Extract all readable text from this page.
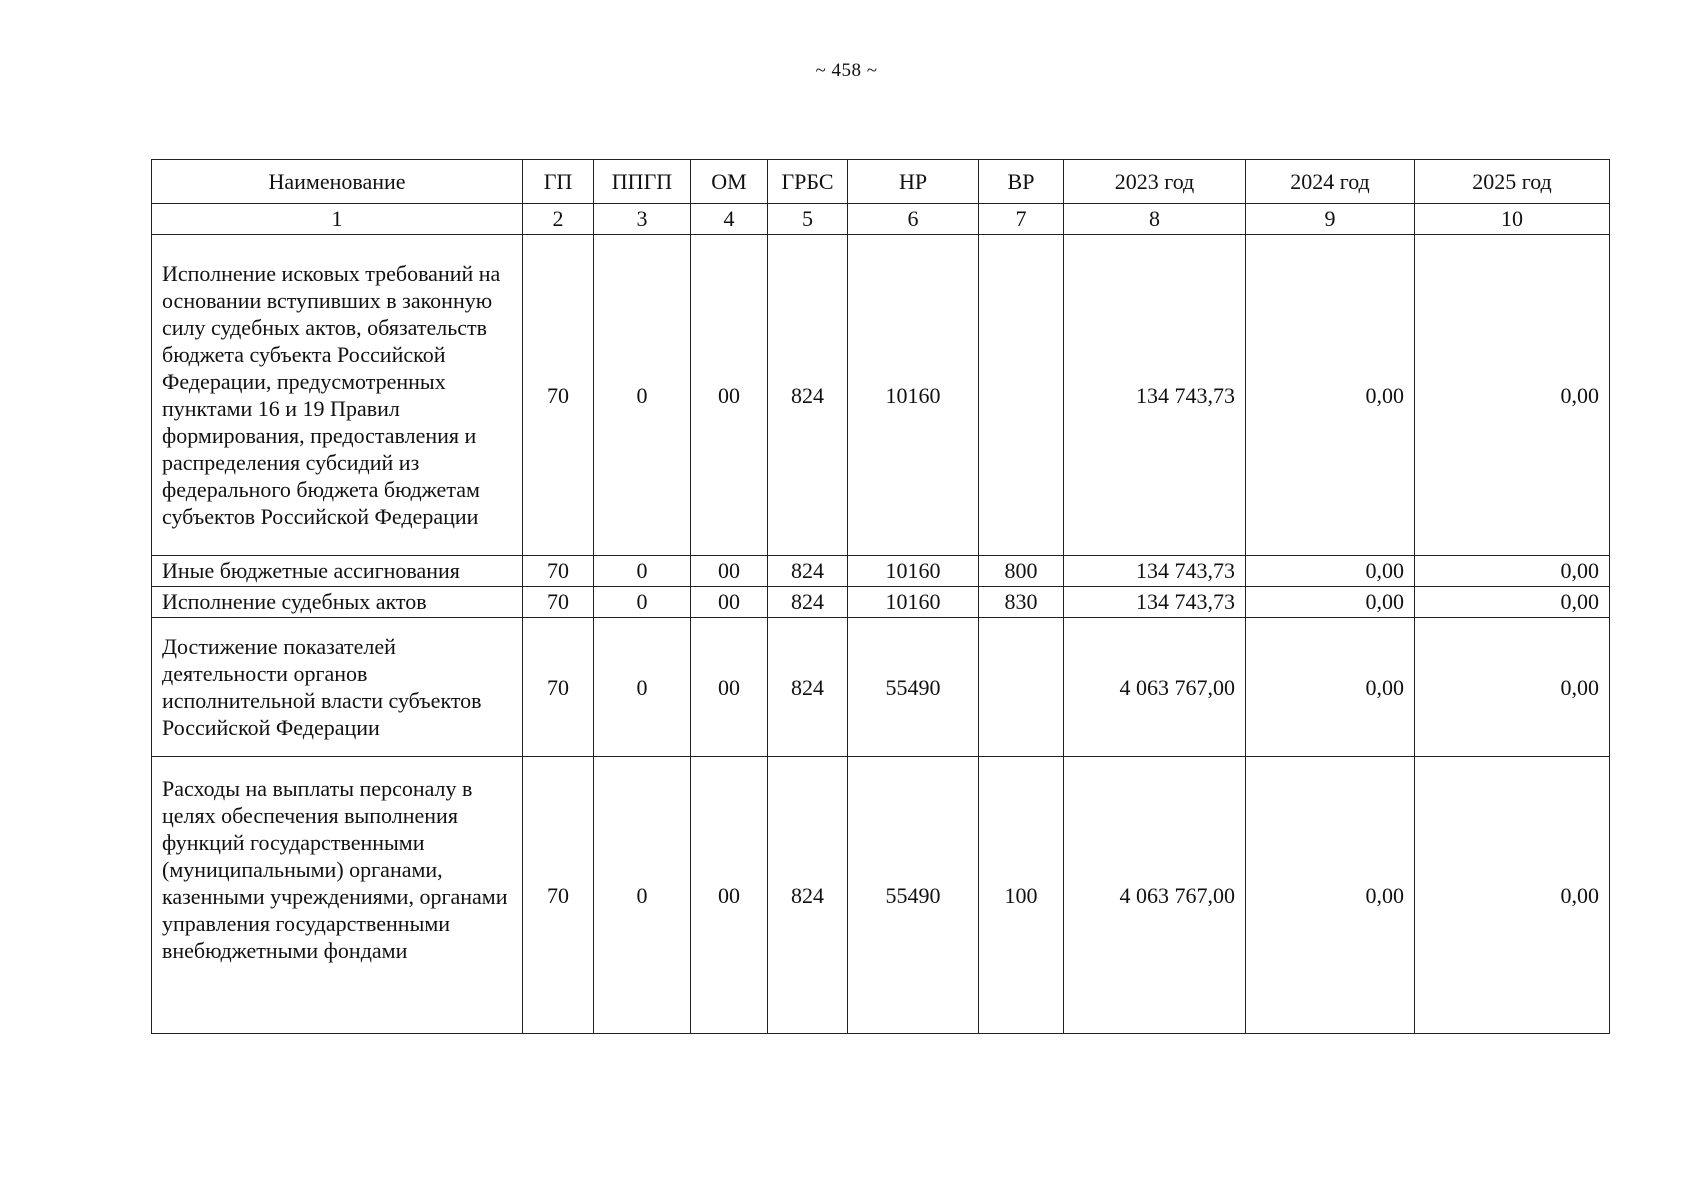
~ 458 ~
Наименование	ГП	ППГП	ОМ	ГРБС	НР	ВР	2023 год	2024 год	2025 год
1	2	3	4	5	6	7	8	9	10
Исполнение исковых требований на основании вступивших в законную силу судебных актов, обязательств бюджета субъекта Российской Федерации, предусмотренных пунктами 16 и 19 Правил формирования, предоставления и распределения субсидий из федерального бюджета бюджетам субъектов Российской Федерации	70	0	00	824	10160		134 743,73	0,00	0,00
Иные бюджетные ассигнования	70	0	00	824	10160	800	134 743,73	0,00	0,00
Исполнение судебных актов	70	0	00	824	10160	830	134 743,73	0,00	0,00
Достижение показателей деятельности органов исполнительной власти субъектов Российской Федерации	70	0	00	824	55490		4 063 767,00	0,00	0,00
Расходы на выплаты персоналу в целях обеспечения выполнения функций государственными (муниципальными) органами, казенными учреждениями, органами управления государственными внебюджетными фондами	70	0	00	824	55490	100	4 063 767,00	0,00	0,00
